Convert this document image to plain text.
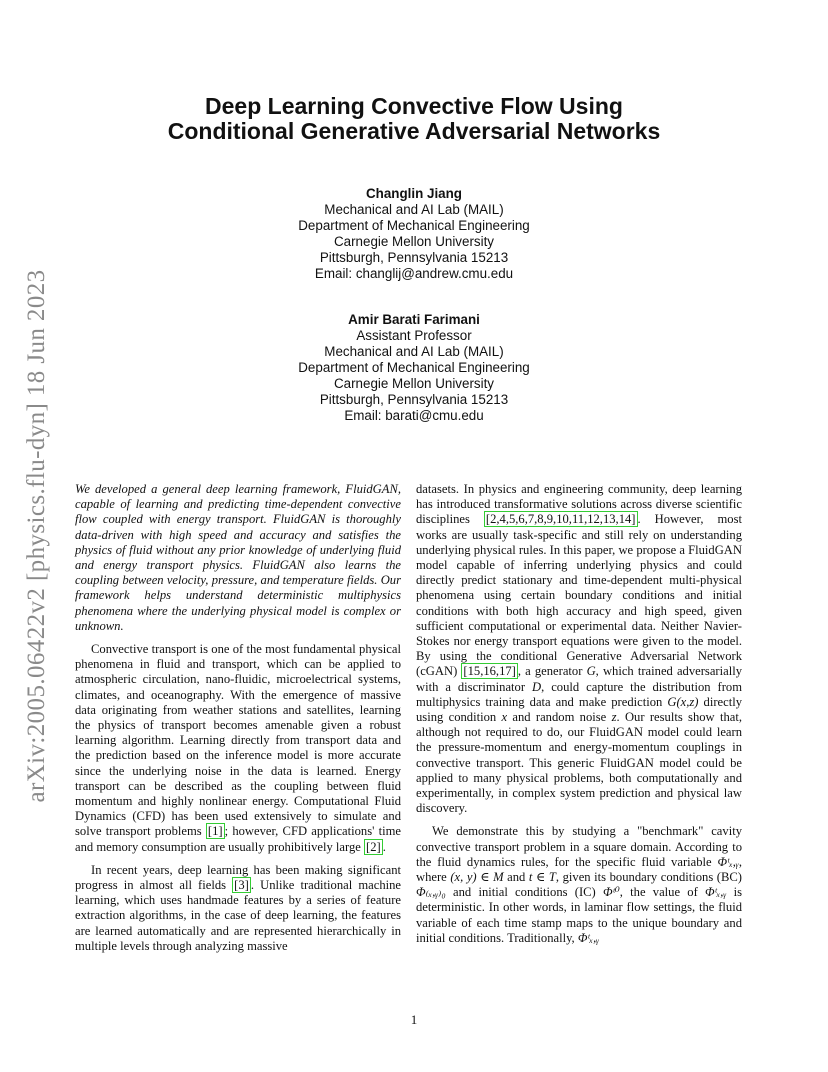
Deep Learning Convective Flow Using
Conditional Generative Adversarial Networks
Changlin Jiang
Mechanical and AI Lab (MAIL)
Department of Mechanical Engineering
Carnegie Mellon University
Pittsburgh, Pennsylvania 15213
Email: changlij@andrew.cmu.edu
Amir Barati Farimani
Assistant Professor
Mechanical and AI Lab (MAIL)
Department of Mechanical Engineering
Carnegie Mellon University
Pittsburgh, Pennsylvania 15213
Email: barati@cmu.edu
arXiv:2005.06422v2 [physics.flu-dyn] 18 Jun 2023 We developed a general deep learning framework, FluidGAN, capable of learning and predicting time-dependent convective flow coupled with energy transport. FluidGAN is thoroughly data-driven with high speed and accuracy and satisfies the physics of fluid without any prior knowledge of underlying fluid and energy transport physics. FluidGAN also learns the coupling between velocity, pressure, and temperature fields. Our framework helps understand deterministic multiphysics phenomena where the underlying physical model is complex or unknown.

Convective transport is one of the most fundamental physical phenomena in fluid and transport, which can be applied to atmospheric circulation, nano-fluidic, microelectrical systems, climates, and oceanography. With the emergence of massive data originating from weather stations and satellites, learning the physics of transport becomes amenable given a robust learning algorithm. Learning directly from transport data and the prediction based on the inference model is more accurate since the underlying noise in the data is learned. Energy transport can be described as the coupling between fluid momentum and highly nonlinear energy. Computational Fluid Dynamics (CFD) has been used extensively to simulate and solve transport problems [1] ; however, CFD applications' time and memory consumption are usually prohibitively large [2] .

In recent years, deep learning has been making significant progress in almost all fields [3] . Unlike traditional machine learning, which uses handmade features by a series of feature extraction algorithms, in the case of deep learning, the features are learned automatically and are represented hierarchically in multiple levels through analyzing massive

datasets. In physics and engineering community, deep learning has introduced transformative solutions across diverse scientific disciplines [2,4,5,6,7,8,9,10,11,12,13,14] . However, most works are usually task-specific and still rely on understanding underlying physical rules. In this paper, we propose a FluidGAN model capable of inferring underlying physics and could directly predict stationary and time-dependent multi-physical phenomena using certain boundary conditions and initial conditions with both high accuracy and high speed, given sufficient computational or experimental data. Neither Navier-Stokes nor energy transport equations were given to the model. By using the conditional Generative Adversarial Network (cGAN) [15,16,17] , a generator G, which trained adversarially with a discriminator D, could capture the distribution from multiphysics training data and make prediction G(x,z) directly using condition x and random noise z. Our results show that, although not required to do, our FluidGAN model could learn the pressure-momentum and energy-momentum couplings in convective transport. This generic FluidGAN model could be applied to many physical problems, both computationally and experimentally, in complex system prediction and physical law discovery.

We demonstrate this by studying a "benchmark" cavity convective transport problem in a square domain. According to the fluid dynamics rules, for the specific fluid variable Φᵗₓ,ᵧ, where (x, y) ∈ M and t ∈ T, given its boundary conditions (BC) Φ₍ₓ,ᵧ₎₀ and initial conditions (IC) Φᵗ⁰, the value of Φᵗₓ,ᵧ is deterministic. In other words, in laminar flow settings, the fluid variable of each time stamp maps to the unique boundary and initial conditions. Traditionally, Φᵗₓ,ᵧ

1
